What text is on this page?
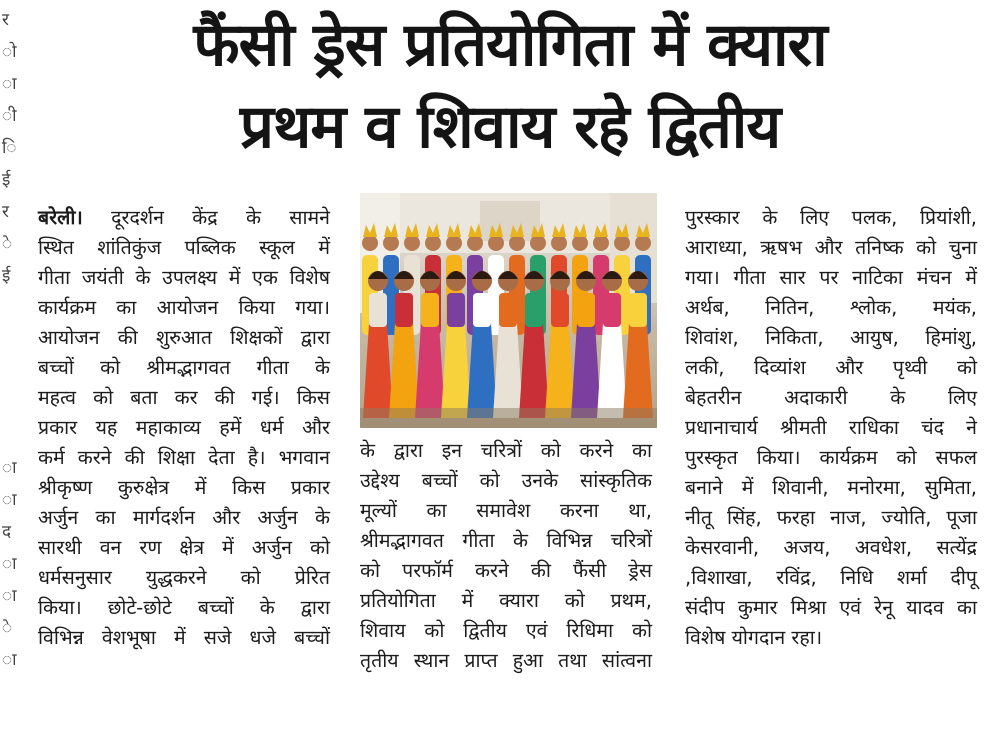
र
ो
ा
ी
ि
ई
र
े
ई

ा
ा
द
ा
ा
े
ा
फैंसी ड्रेस प्रतियोगिता में क्यारा
प्रथम व शिवाय रहे द्वितीय

बरेली। दूरदर्शन केंद्र के सामने

स्थित शांतिकुंज पब्लिक स्कूल में

गीता जयंती के उपलक्ष्य में एक विशेष

कार्यक्रम का आयोजन किया गया।

आयोजन की शुरुआत शिक्षकों द्वारा

बच्चों को श्रीमद्भागवत गीता के

महत्व को बता कर की गई। किस

प्रकार यह महाकाव्य हमें धर्म और

कर्म करने की शिक्षा देता है। भगवान

श्रीकृष्ण कुरुक्षेत्र में किस प्रकार

अर्जुन का मार्गदर्शन और अर्जुन के

सारथी वन रण क्षेत्र में अर्जुन को

धर्मसनुसार युद्धकरने को प्रेरित

किया। छोटे-छोटे बच्चों के द्वारा

विभिन्न वेशभूषा में सजे धजे बच्चों

के द्वारा इन चरित्रों को करने का

उद्देश्य बच्चों को उनके सांस्कृतिक

मूल्यों का समावेश करना था,

श्रीमद्भागवत गीता के विभिन्न चरित्रों

को परफॉर्म करने की फैंसी ड्रेस

प्रतियोगिता में क्यारा को प्रथम,

शिवाय को द्वितीय एवं रिधिमा को

तृतीय स्थान प्राप्त हुआ तथा सांत्वना

पुरस्कार के लिए पलक, प्रियांशी,

आराध्या, ऋषभ और तनिष्क को चुना

गया। गीता सार पर नाटिका मंचन में

अर्थब, नितिन, श्लोक, मयंक,

शिवांश, निकिता, आयुष, हिमांशु,

लकी, दिव्यांश और पृथ्वी को

बेहतरीन अदाकारी के लिए

प्रधानाचार्य श्रीमती राधिका चंद ने

पुरस्कृत किया। कार्यक्रम को सफल

बनाने में शिवानी, मनोरमा, सुमिता,

नीतू सिंह, फरहा नाज, ज्योति, पूजा

केसरवानी, अजय, अवधेश, सत्येंद्र

,विशाखा, रविंद्र, निधि शर्मा दीपू

संदीप कुमार मिश्रा एवं रेनू यादव का

विशेष योगदान रहा।
